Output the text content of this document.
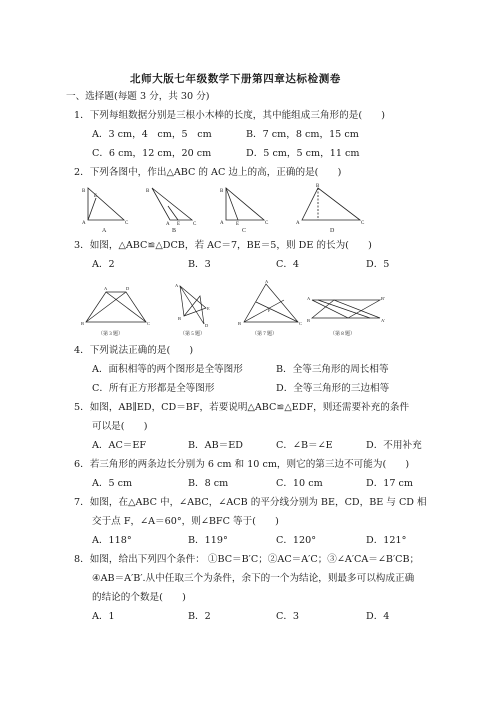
北师大版七年级数学下册第四章达标检测卷
一、选择题(每题 3 分，共 30 分)
1．下列每组数据分别是三根小木棒的长度，其中能组成三角形的是(　　)
A．3 cm，4　cm，5　cm	B．7 cm，8 cm，15 cm
C．6 cm，12 cm，20 cm	D．5 cm，5 cm，11 cm
2．下列各图中，作出△ABC 的 AC 边上的高，正确的是(　　)
B
E
A	C
A
B
A E	C
B
B
A E	C
C
B
A	C
D
3．如图，△ABC≌△DCB，若 AC＝7，BE＝5，则 DE 的长为(　　)
A．2	B．3	C．4	D．5
A	D
B	C
（第 3 题）
A
B
E
D
（第 5 题）
A
B	C
F
（第 7 题）
A	B′
B	A′
（第 8 题）
4．下列说法正确的是(　　)
A．面积相等的两个图形是全等图形	B．全等三角形的周长相等
C．所有正方形都是全等图形	D．全等三角形的三边相等
5．如图，AB∥ED，CD＝BF，若要说明△ABC≌△EDF，则还需要补充的条件
可以是(　　)
A．AC＝EF	B．AB＝ED	C．∠B＝∠E	D．不用补充
6．若三角形的两条边长分别为 6 cm 和 10 cm，则它的第三边不可能为(　　)
A．5 cm	B．8 cm	C．10 cm	D．17 cm
7．如图，在△ABC 中，∠ABC，∠ACB 的平分线分别为 BE，CD，BE 与 CD 相
交于点 F，∠A＝60°，则∠BFC 等于(　　)
A．118°	B．119°	C．120°	D．121°
8．如图，给出下列四个条件： ①BC＝B′C；②AC＝A′C；③∠A′CA＝∠B′CB；
④AB＝A′B′.从中任取三个为条件，余下的一个为结论，则最多可以构成正确
的结论的个数是(　　)
A．1	B．2	C．3	D．4
